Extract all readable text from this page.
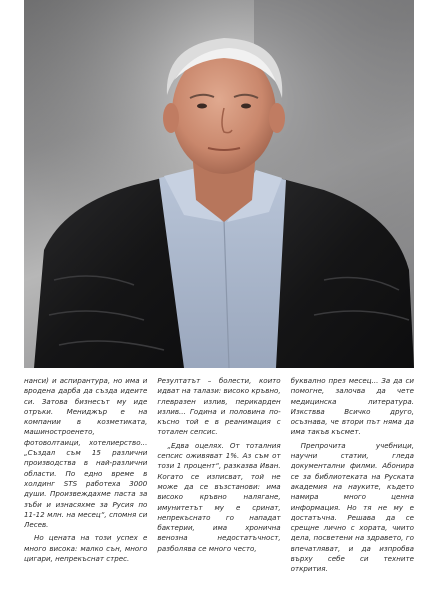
нанси) и аспирантура, но има и вродена дарба да създа идеите си. Затова бизнесът му иде отръки. Мениджър е на компании в козметиката, машиностроенето, фотоволтаици, хотелиерство... „Създал съм 15 различни производства в най-различни области. По едно време в холдинг STS работеха 3000 души. Произвеждахме паста за зъби и изнасяхме за Русия по 11-12 млн. на месец“, спомня си Лесев.

Но цената на този успех е много висока: малко сън, много цигари, непрекъснат стрес.

Резултатът – болести, които идват на талази: високо кръвно, глевразен излив, перикарден излив... Година и половина по-късно той е в реанимация с тотален сепсис.

„Едва оцелях. От тоталния сепсис оживяват 1%. Аз съм от този 1 процент“, разказва Иван. Когато се изписват, той не може да се възстанови: има високо кръвно налягане, имунитетът му е сринат, непрекъснато го нападат бактерии, има хронична венозна недостатъчност, разболява се много често,

буквално през месец... За да си помогне, залочва да чете медицинска литература. Изкствва Всичко друго, осъзнава, че втори път няма да има такъв късмет.

Препрочита учебници, научни статии, гледа документални филми. Абонира се за библиотеката на Руската академия на науките, където намира много ценна информация. Но тя не му е достатъчна. Решава да се срещне лично с хората, чиито дела, посветени на здравето, го впечатляват, и да изпробва върху себе си техните открития.
